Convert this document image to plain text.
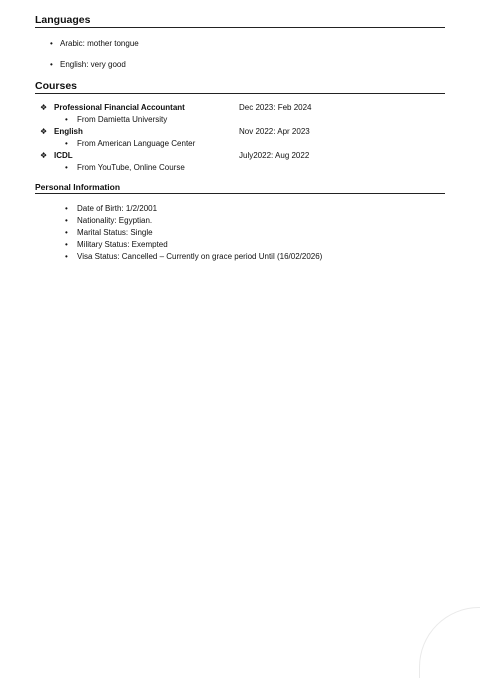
Languages
• Arabic: mother tongue
• English: very good
Courses
❖ Professional Financial Accountant	Dec 2023: Feb 2024
• From Damietta University
❖ English	Nov 2022: Apr 2023
• From American Language Center
❖ ICDL	July2022: Aug 2022
• From YouTube, Online Course
Personal Information
• Date of Birth: 1/2/2001
• Nationality: Egyptian.
• Marital Status: Single
• Military Status: Exempted
• Visa Status: Cancelled – Currently on grace period Until (16/02/2026)
